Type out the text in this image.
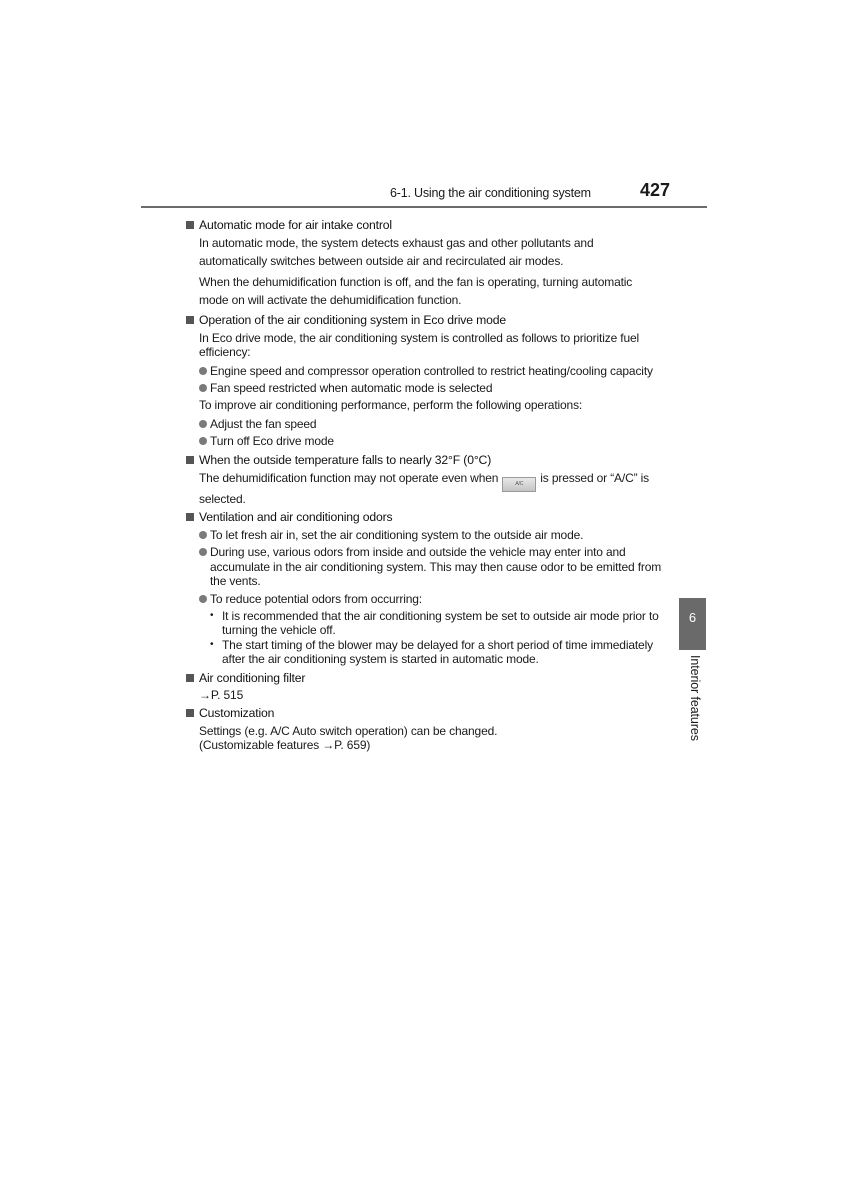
6-1. Using the air conditioning system	427
Automatic mode for air intake control

In automatic mode, the system detects exhaust gas and other pollutants and automatically switches between outside air and recirculated air modes.

When the dehumidification function is off, and the fan is operating, turning automatic mode on will activate the dehumidification function.

Operation of the air conditioning system in Eco drive mode

In Eco drive mode, the air conditioning system is controlled as follows to prioritize fuel efficiency:

Engine speed and compressor operation controlled to restrict heating/cooling capacity
Fan speed restricted when automatic mode is selected

To improve air conditioning performance, perform the following operations:

Adjust the fan speed
Turn off Eco drive mode
When the outside temperature falls to nearly 32°F (0°C)

The dehumidification function may not operate even when	A/C is pressed or “A/C” is selected.

Ventilation and air conditioning odors
To let fresh air in, set the air conditioning system to the outside air mode.
During use, various odors from inside and outside the vehicle may enter into and accumulate in the air conditioning system. This may then cause odor to be emitted from the vents.
To reduce potential odors from occurring:
• It is recommended that the air conditioning system be set to outside air mode prior to turning the vehicle off.
• The start timing of the blower may be delayed for a short period of time immediately after the air conditioning system is started in automatic mode.
Air conditioning filter

→P. 515

Customization

Settings (e.g. A/C Auto switch operation) can be changed.

(Customizable features →P. 659)

6
Interior features
